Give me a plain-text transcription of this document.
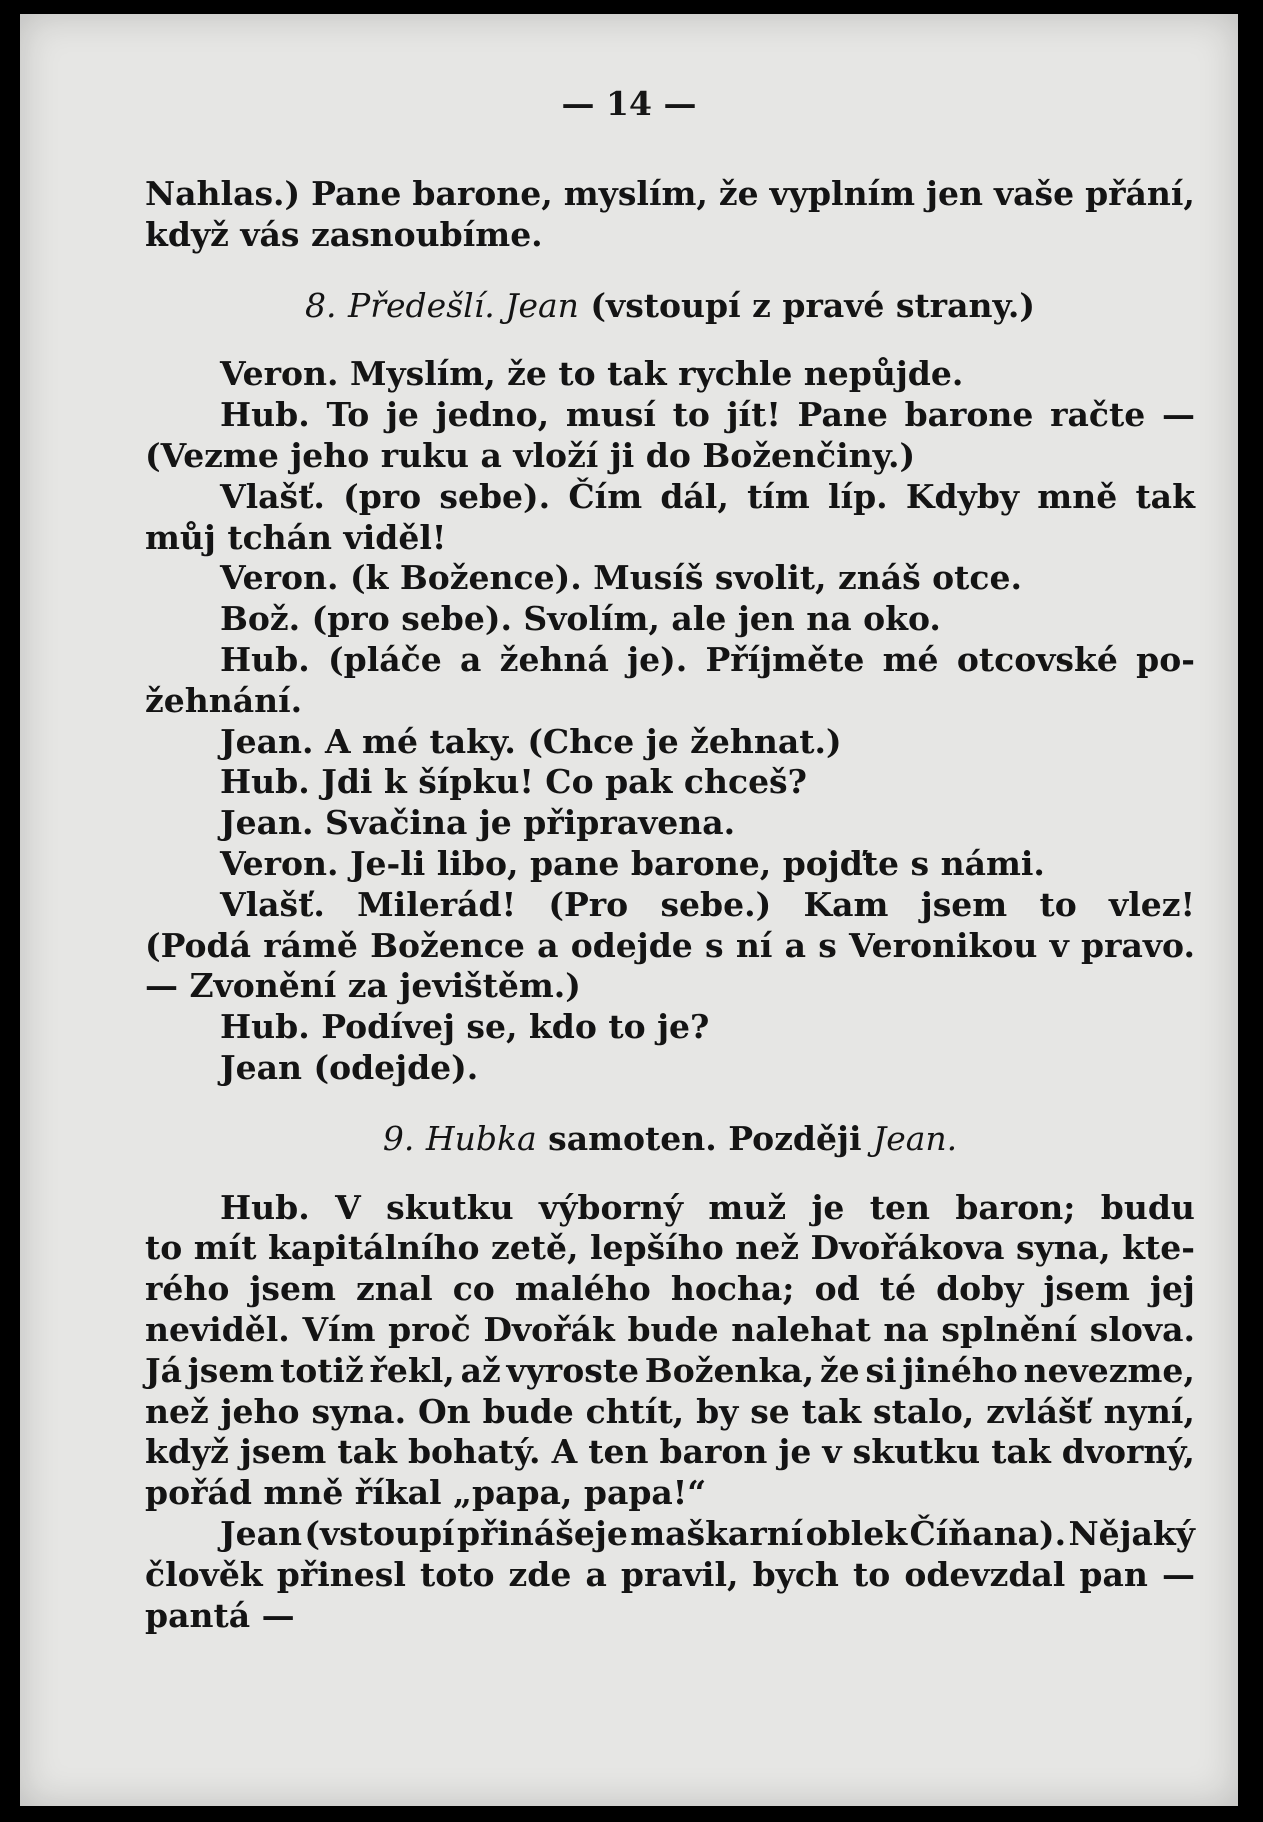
— 14 —
Nahlas.) Pane barone, myslím, že vyplním jen vaše přání,
když vás zasnoubíme.
8. Předešlí. Jean (vstoupí z pravé strany.)
Veron. Myslím, že to tak rychle nepůjde.
Hub. To je jedno, musí to jít! Pane barone račte —
(Vezme jeho ruku a vloží ji do Boženčiny.)
Vlašť. (pro sebe). Čím dál, tím líp. Kdyby mně tak
můj tchán viděl!
Veron. (k Božence). Musíš svolit, znáš otce.
Bož. (pro sebe). Svolím, ale jen na oko.
Hub. (pláče a žehná je). Příjměte mé otcovské po-
žehnání.
Jean. A mé taky. (Chce je žehnat.)
Hub. Jdi k šípku! Co pak chceš?
Jean. Svačina je připravena.
Veron. Je-li libo, pane barone, pojďte s námi.
Vlašť. Milerád! (Pro sebe.) Kam jsem to vlez!
(Podá rámě Božence a odejde s ní a s Veronikou v pravo.
— Zvonění za jevištěm.)
Hub. Podívej se, kdo to je?
Jean (odejde).
9. Hubka samoten. Později Jean.
Hub. V skutku výborný muž je ten baron; budu
to mít kapitálního zetě, lepšího než Dvořákova syna, kte-
rého jsem znal co malého hocha; od té doby jsem jej
neviděl. Vím proč Dvořák bude nalehat na splnění slova.
Já jsem totiž řekl, až vyroste Boženka, že si jiného nevezme,
než jeho syna. On bude chtít, by se tak stalo, zvlášť nyní,
když jsem tak bohatý. A ten baron je v skutku tak dvorný,
pořád mně říkal „papa, papa!“
Jean (vstoupí přinášeje maškarní oblek Číňana). Nějaký
člověk přinesl toto zde a pravil, bych to odevzdal pan —
pantá —
